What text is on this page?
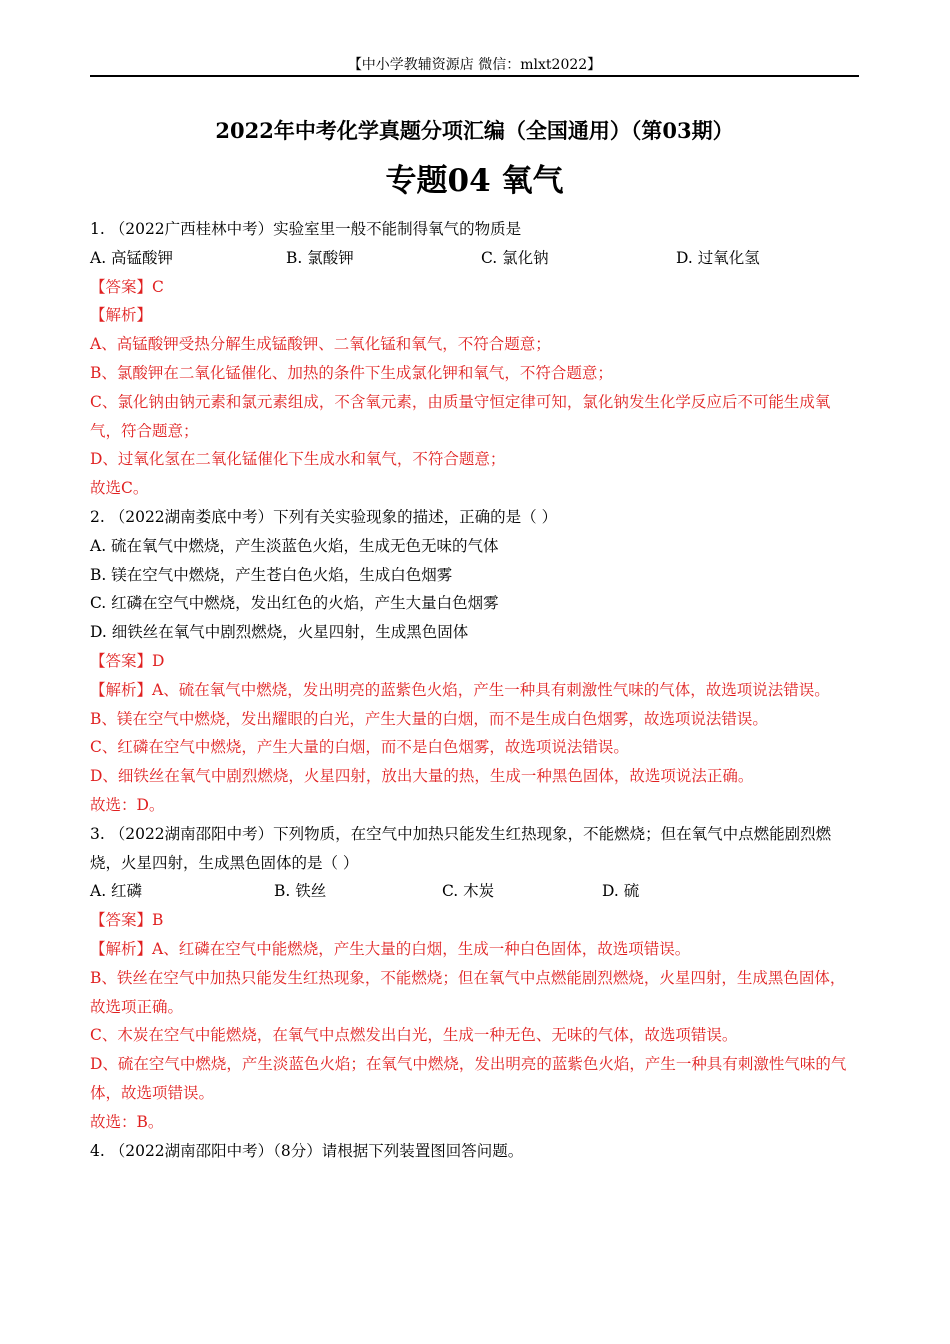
【中小学教辅资源店 微信：mlxt2022】
2022年中考化学真题分项汇编（全国通用）（第03期）
专题04 氧气
1. （2022广西桂林中考）实验室里一般不能制得氧气的物质是
A. 高锰酸钾	B. 氯酸钾	C. 氯化钠	D. 过氧化氢
【答案】C
【解析】
A、高锰酸钾受热分解生成锰酸钾、二氧化锰和氧气，不符合题意；
B、氯酸钾在二氧化锰催化、加热的条件下生成氯化钾和氧气，不符合题意；
C、氯化钠由钠元素和氯元素组成，不含氧元素，由质量守恒定律可知，氯化钠发生化学反应后不可能生成氧气，符合题意；
D、过氧化氢在二氧化锰催化下生成水和氧气，不符合题意；
故选C。
2. （2022湖南娄底中考）下列有关实验现象的描述，正确的是（ ）
A. 硫在氧气中燃烧，产生淡蓝色火焰，生成无色无味的气体
B. 镁在空气中燃烧，产生苍白色火焰，生成白色烟雾
C. 红磷在空气中燃烧，发出红色的火焰，产生大量白色烟雾
D. 细铁丝在氧气中剧烈燃烧，火星四射，生成黑色固体
【答案】D
【解析】A、硫在氧气中燃烧，发出明亮的蓝紫色火焰，产生一种具有刺激性气味的气体，故选项说法错误。
B、镁在空气中燃烧，发出耀眼的白光，产生大量的白烟，而不是生成白色烟雾，故选项说法错误。
C、红磷在空气中燃烧，产生大量的白烟，而不是白色烟雾，故选项说法错误。
D、细铁丝在氧气中剧烈燃烧，火星四射，放出大量的热，生成一种黑色固体，故选项说法正确。
故选：D。
3. （2022湖南邵阳中考）下列物质，在空气中加热只能发生红热现象，不能燃烧；但在氧气中点燃能剧烈燃烧，火星四射，生成黑色固体的是（ ）
A. 红磷	B. 铁丝	C. 木炭	D. 硫
【答案】B
【解析】A、红磷在空气中能燃烧，产生大量的白烟，生成一种白色固体，故选项错误。
B、铁丝在空气中加热只能发生红热现象，不能燃烧；但在氧气中点燃能剧烈燃烧，火星四射，生成黑色固体，故选项正确。
C、木炭在空气中能燃烧，在氧气中点燃发出白光，生成一种无色、无味的气体，故选项错误。
D、硫在空气中燃烧，产生淡蓝色火焰；在氧气中燃烧，发出明亮的蓝紫色火焰，产生一种具有刺激性气味的气体，故选项错误。
故选：B。
4. （2022湖南邵阳中考）（8分）请根据下列装置图回答问题。
